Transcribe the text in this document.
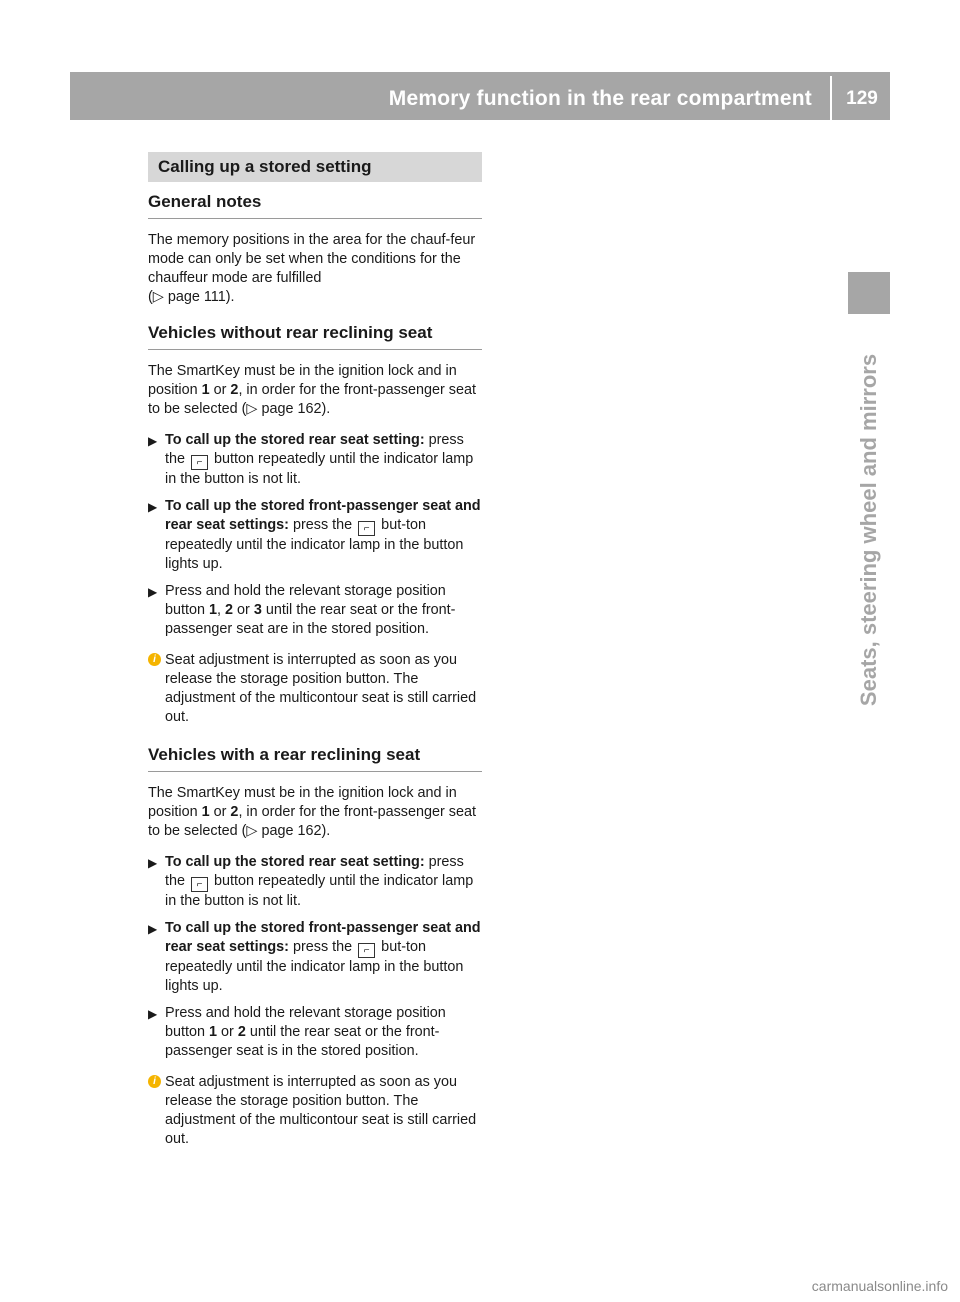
Memory function in the rear compartment	129
Seats, steering wheel and mirrors
Calling up a stored setting
General notes

The memory positions in the area for the chauf-feur mode can only be set when the conditions for the chauffeur mode are fulfilled
(▷ page 111).

Vehicles without rear reclining seat

The SmartKey must be in the ignition lock and in position 1 or 2, in order for the front-passenger seat to be selected (▷ page 162).

▶ To call up the stored rear seat setting: press the ⌐ button repeatedly until the indicator lamp in the button is not lit.

▶ To call up the stored front-passenger seat and rear seat settings: press the ⌐ but-ton repeatedly until the indicator lamp in the button lights up.

▶ Press and hold the relevant storage position button 1, 2 or 3 until the rear seat or the front-passenger seat are in the stored position.

i Seat adjustment is interrupted as soon as you release the storage position button. The adjustment of the multicontour seat is still carried out.

Vehicles with a rear reclining seat

The SmartKey must be in the ignition lock and in position 1 or 2, in order for the front-passenger seat to be selected (▷ page 162).

▶ To call up the stored rear seat setting: press the ⌐ button repeatedly until the indicator lamp in the button is not lit.

▶ To call up the stored front-passenger seat and rear seat settings: press the ⌐ but-ton repeatedly until the indicator lamp in the button lights up.

▶ Press and hold the relevant storage position button 1 or 2 until the rear seat or the front-passenger seat is in the stored position.

i Seat adjustment is interrupted as soon as you release the storage position button. The adjustment of the multicontour seat is still carried out.

carmanualsonline.info
